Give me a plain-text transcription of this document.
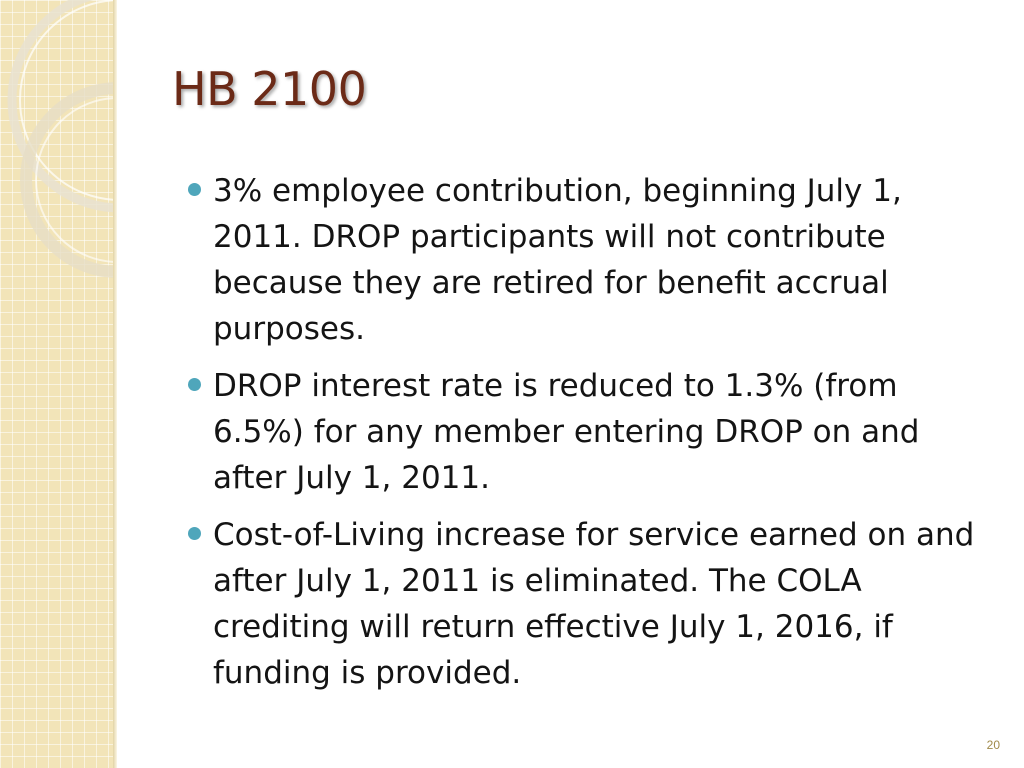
HB 2100
3% employee contribution, beginning July 1, 2011. DROP participants will not contribute because they are retired for benefit accrual purposes.
DROP interest rate is reduced to 1.3% (from 6.5%) for any member entering DROP on and after July 1, 2011.
Cost-of-Living increase for service earned on and after July 1, 2011 is eliminated. The COLA crediting will return effective July 1, 2016, if funding is provided.
20
